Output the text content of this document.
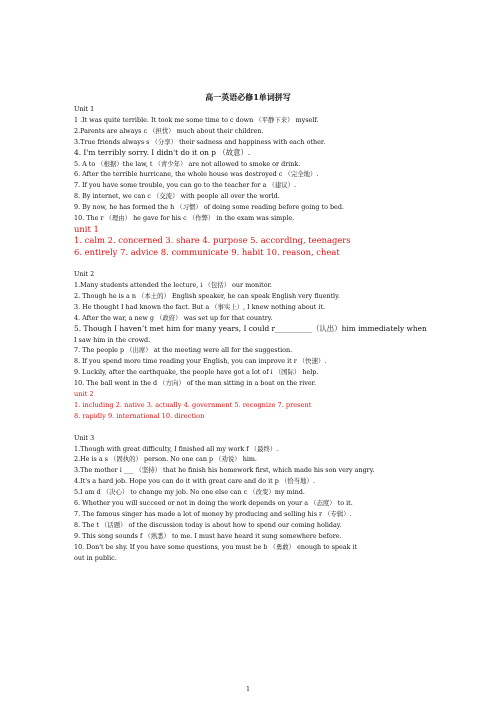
高一英语必修1单词拼写
Unit 1
1 .It was quite terrible. It took me some time to c down （平静下来） myself.
2.Parents are always c （担忧） much about their children.
3.True friends always s （分享） their sadness and happiness with each other.
4. I'm terribly sorry. I didn't do it on p （故意）.
5. A to （根据）the law, t （青少年） are not allowed to smoke or drink.
6. After the terrible hurricane, the whole house was destroyed c （完全地）.
7. If you have some trouble, you can go to the teacher for a （建议）.
8. By internet, we can c （交流） with people all over the world.
9. By now, he has formed the h （习惯） of doing some reading before going to bed.
10. The r （理由） he gave for his c （作弊） in the exam was simple.
unit 1
1. calm 2. concerned 3. share 4. purpose 5. according, teenagers
6. entirely 7. advice 8. communicate 9. habit 10. reason, cheat
Unit 2
1.Many students attended the lecture, i （包括） our monitor.
2. Though he is a n （本土的） English speaker, he can speak English very fluently.
3. He thought I had known the fact. But a （事实上）, I knew nothing about it.
4. After the war, a new g （政府） was set up for that country.
5. Though I haven’t met him for many years, I could r__________（认出）him immediately when
I saw him in the crowd.
7. The people p （出席） at the meeting were all for the suggestion.
8. If you spend more time reading your English, you can improve it r （快速）.
9. Luckily, after the earthquake, the people have got a lot of i （国际） help.
10. The ball went in the d （方向） of the man sitting in a boat on the river.
unit 2
1. including 2. native 3. actually 4. government 5. recognize 7. present
8. rapidly 9. international 10. direction
Unit 3
1.Though with great difficulty, I finished all my work f （最终）.
2.He is a s （固执的） person. No one can p （劝说） him.
3.The mother i ___ （坚持） that he finish his homework first, which made his son very angry.
4.It's a hard job. Hope you can do it with great care and do it p （恰当地）.
5.I am d （决心） to change my job. No one else can c （改变）my mind.
6. Whether you will succeed or not in doing the work depends on your a （态度） to it.
7. The famous singer has made a lot of money by producing and selling his r （专辑）.
8. The t （话题） of the discussion today is about how to spend our coming holiday.
9. This song sounds f （熟悉） to me. I must have heard it sung somewhere before.
10. Don't be shy. If you have some questions, you must be b （勇敢） enough to speak it
out in public.
1
